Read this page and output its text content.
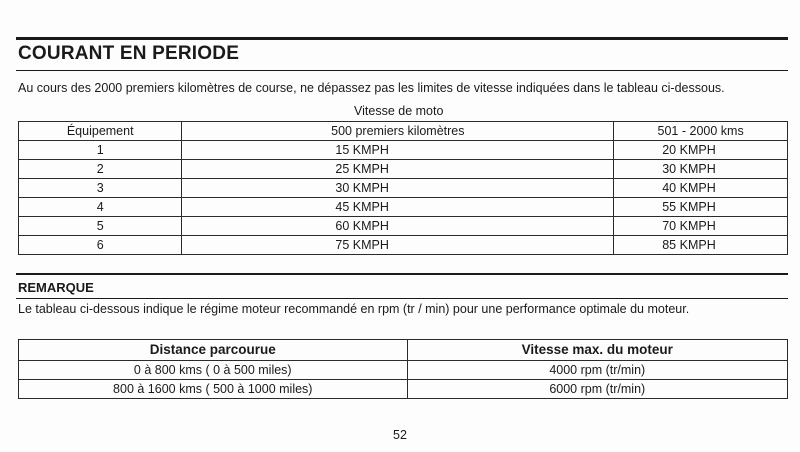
COURANT EN PERIODE
Au cours des 2000 premiers kilomètres de course, ne dépassez pas les limites de vitesse indiquées dans le tableau ci-dessous.
Vitesse de moto
Équipement	500 premiers kilomètres	501 - 2000 kms
1	15 KMPH	20 KMPH
2	25 KMPH	30 KMPH
3	30 KMPH	40 KMPH
4	45 KMPH	55 KMPH
5	60 KMPH	70 KMPH
6	75 KMPH	85 KMPH
REMARQUE
Le tableau ci-dessous indique le régime moteur recommandé en rpm (tr / min) pour une performance optimale du moteur.
Distance parcourue	Vitesse max. du moteur
0 à 800 kms ( 0 à 500 miles)	4000 rpm (tr/min)
800 à 1600 kms ( 500 à 1000 miles)	6000 rpm (tr/min)
52
